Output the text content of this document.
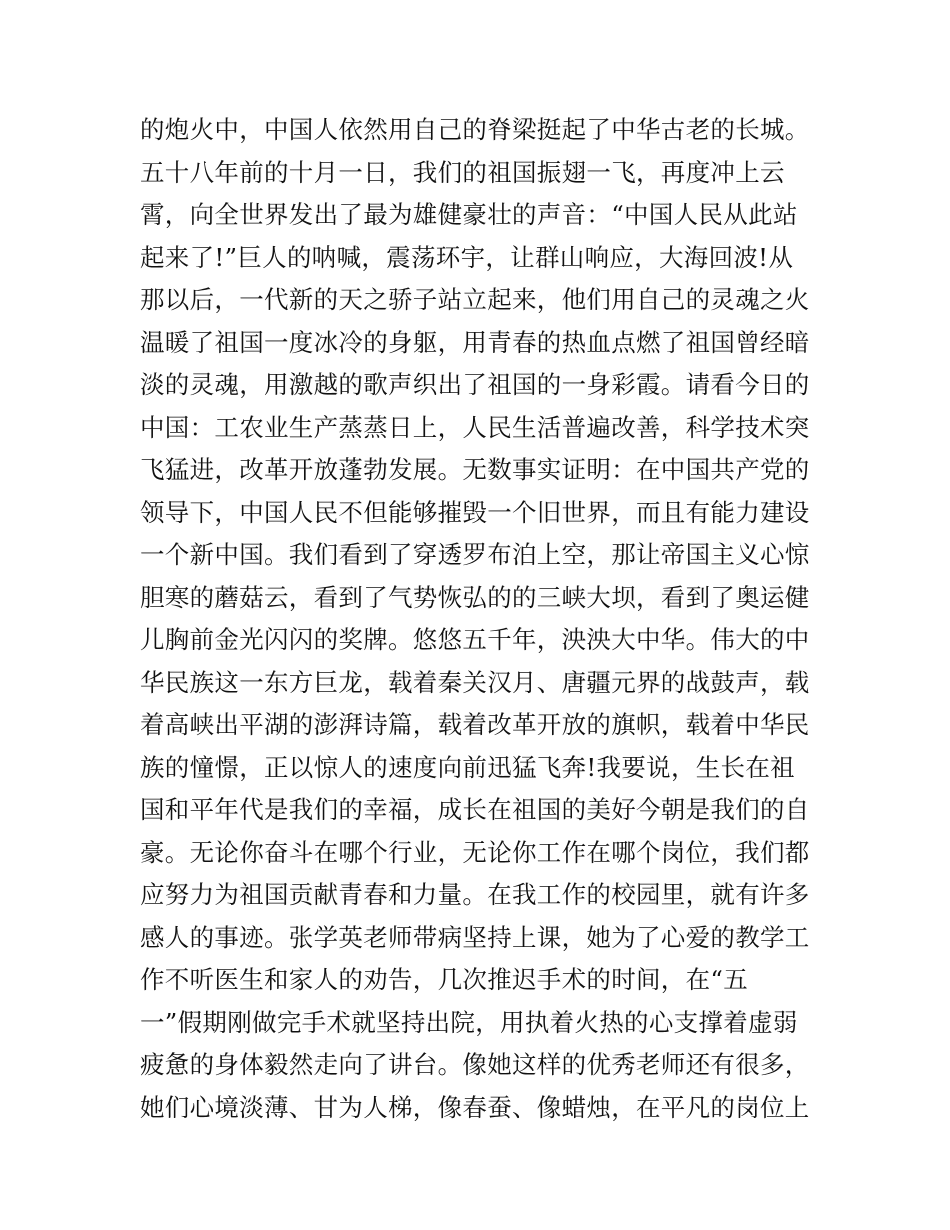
的炮火中，中国人依然用自己的脊梁挺起了中华古老的长城。
五十八年前的十月一日，我们的祖国振翅一飞，再度冲上云
霄，向全世界发出了最为雄健豪壮的声音：“中国人民从此站
起来了!”巨人的呐喊，震荡环宇，让群山响应，大海回波!从
那以后，一代新的天之骄子站立起来，他们用自己的灵魂之火
温暖了祖国一度冰冷的身躯，用青春的热血点燃了祖国曾经暗
淡的灵魂，用激越的歌声织出了祖国的一身彩霞。请看今日的
中国：工农业生产蒸蒸日上，人民生活普遍改善，科学技术突
飞猛进，改革开放蓬勃发展。无数事实证明：在中国共产党的
领导下，中国人民不但能够摧毁一个旧世界，而且有能力建设
一个新中国。我们看到了穿透罗布泊上空，那让帝国主义心惊
胆寒的蘑菇云，看到了气势恢弘的的三峡大坝，看到了奥运健
儿胸前金光闪闪的奖牌。悠悠五千年，泱泱大中华。伟大的中
华民族这一东方巨龙，载着秦关汉月、唐疆元界的战鼓声，载
着高峡出平湖的澎湃诗篇，载着改革开放的旗帜，载着中华民
族的憧憬，正以惊人的速度向前迅猛飞奔!我要说，生长在祖
国和平年代是我们的幸福，成长在祖国的美好今朝是我们的自
豪。无论你奋斗在哪个行业，无论你工作在哪个岗位，我们都
应努力为祖国贡献青春和力量。在我工作的校园里，就有许多
感人的事迹。张学英老师带病坚持上课，她为了心爱的教学工
作不听医生和家人的劝告，几次推迟手术的时间，在“五
一”假期刚做完手术就坚持出院，用执着火热的心支撑着虚弱
疲惫的身体毅然走向了讲台。像她这样的优秀老师还有很多，
她们心境淡薄、甘为人梯，像春蚕、像蜡烛，在平凡的岗位上
